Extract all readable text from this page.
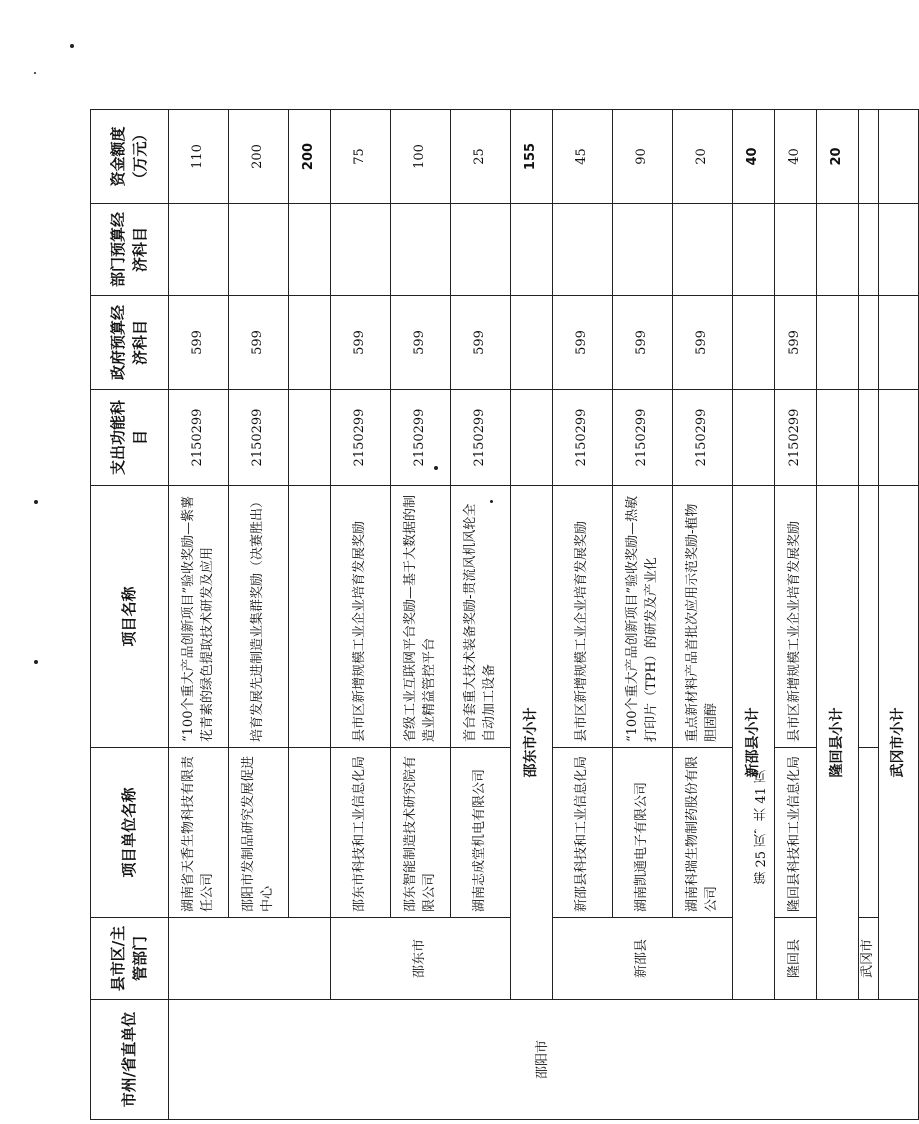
市州/省直单位	县市区/主管部门	项目单位名称	项目名称	支出功能科目	政府预算经济科目	部门预算经济科目	资金额度（万元）
邵阳市		湖南省天香生物科技有限责任公司	“100个重大产品创新项目”验收奖励—紫薯花青素的绿色提取技术研发及应用	2150299	599		110
		邵阳市发制品研究发展促进中心	培育发展先进制造业集群奖励（决赛胜出）	2150299	599		200
							200
	邵东市	邵东市科技和工业信息化局	县市区新增规模工业企业培育发展奖励	2150299	599		75
		邵东智能制造技术研究院有限公司	省级工业互联网平台奖励—基于大数据的制造业精益管控平台	2150299	599		100
		湖南志成堂机电有限公司	首台套重大技术装备奖励-贯流风机风轮全自动加工设备	2150299	599		25
	邵东市小计						155
	新邵县	新邵县科技和工业信息化局	县市区新增规模工业企业培育发展奖励	2150299	599		45
		湖南凯通电子有限公司	“100个重大产品创新项目”验收奖励—热敏打印片（TPH）的研发及产业化	2150299	599		90
		湖南科瑞生物制药股份有限公司	重点新材料产品首批次应用示范奖励-植物胆固醇	2150299	599		20
	新邵县小计						40
	隆回县	隆回县科技和工业信息化局	县市区新增规模工业企业培育发展奖励	2150299	599		40
	隆回县小计						20
	武冈市						
	武冈市小计						
第 25 页，共 41 页
